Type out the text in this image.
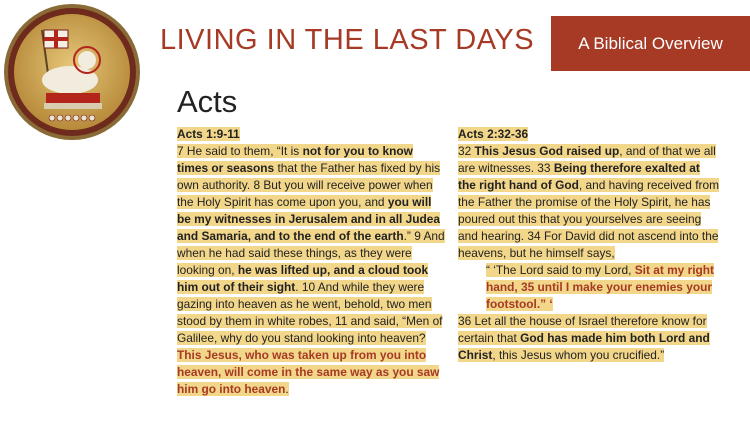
LIVING IN THE LAST DAYS	A Biblical Overview
Acts

Acts 1:9-11
7 He said to them, “It is not for you to know times or seasons that the Father has fixed by his own authority. 8 But you will receive power when the Holy Spirit has come upon you, and you will be my witnesses in Jerusalem and in all Judea and Samaria, and to the end of the earth.” 9 And when he had said these things, as they were looking on, he was lifted up, and a cloud took him out of their sight. 10 And while they were gazing into heaven as he went, behold, two men stood by them in white robes, 11 and said, “Men of Galilee, why do you stand looking into heaven? This Jesus, who was taken up from you into heaven, will come in the same way as you saw him go into heaven.

Acts 2:32-36
32 This Jesus God raised up, and of that we all are witnesses. 33 Being therefore exalted at the right hand of God, and having received from the Father the promise of the Holy Spirit, he has poured out this that you yourselves are seeing and hearing. 34 For David did not ascend into the heavens, but he himself says,

“ ‘The Lord said to my Lord, Sit at my right hand, 35 until I make your enemies your footstool.” ‘

36 Let all the house of Israel therefore know for certain that God has made him both Lord and Christ, this Jesus whom you crucified.”
